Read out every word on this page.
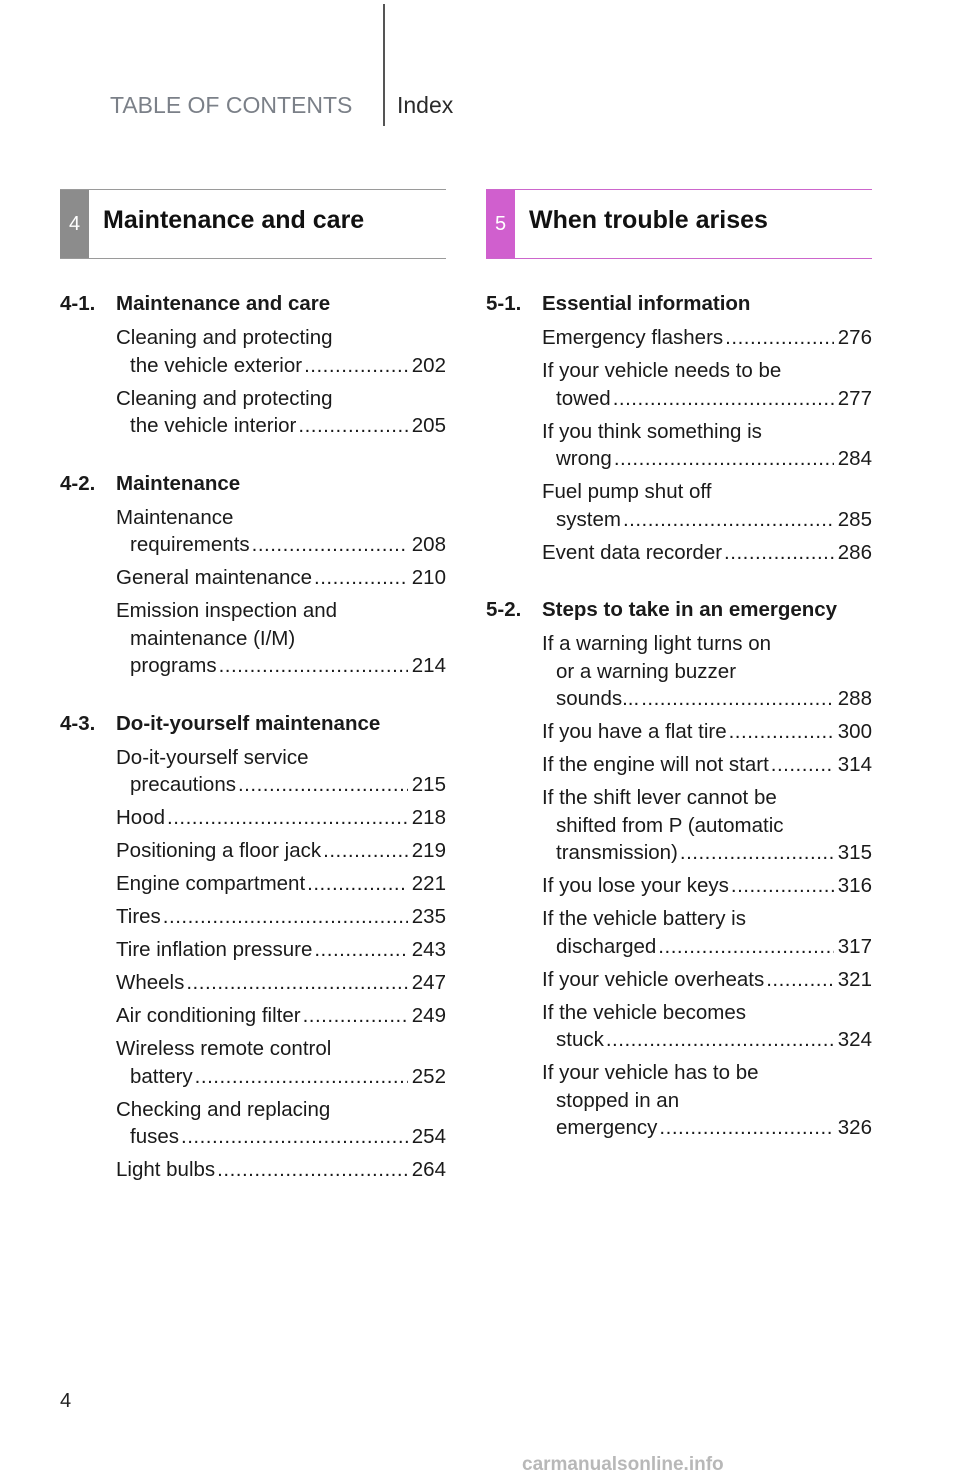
TABLE OF CONTENTS Index
4 Maintenance and care
4-1.	Maintenance and care
Cleaning and protecting
the vehicle exterior .....	202
Cleaning and protecting
the vehicle interior .....	205
4-2.	Maintenance
Maintenance
requirements .....	208
General maintenance .....	210
Emission inspection and
maintenance (I/M)
programs .....	214
4-3.	Do-it-yourself maintenance
Do-it-yourself service
precautions .....	215
Hood .....	218
Positioning a floor jack .....	219
Engine compartment .....	221
Tires .....	235
Tire inflation pressure .....	243
Wheels .....	247
Air conditioning filter .....	249
Wireless remote control
battery .....	252
Checking and replacing
fuses .....	254
Light bulbs .....	264
5 When trouble arises
5-1.	Essential information
Emergency flashers .....	276
If your vehicle needs to be
towed .....	277
If you think something is
wrong .....	284
Fuel pump shut off
system .....	285
Event data recorder .....	286
5-2.	Steps to take in an emergency
If a warning light turns on
or a warning buzzer
sounds... .....	288
If you have a flat tire .....	300
If the engine will not start .....	314
If the shift lever cannot be
shifted from P (automatic
transmission) .....	315
If you lose your keys .....	316
If the vehicle battery is
discharged .....	317
If your vehicle overheats .....	321
If the vehicle becomes
stuck .....	324
If your vehicle has to be
stopped in an
emergency .....	326
4
carmanualsonline.info
